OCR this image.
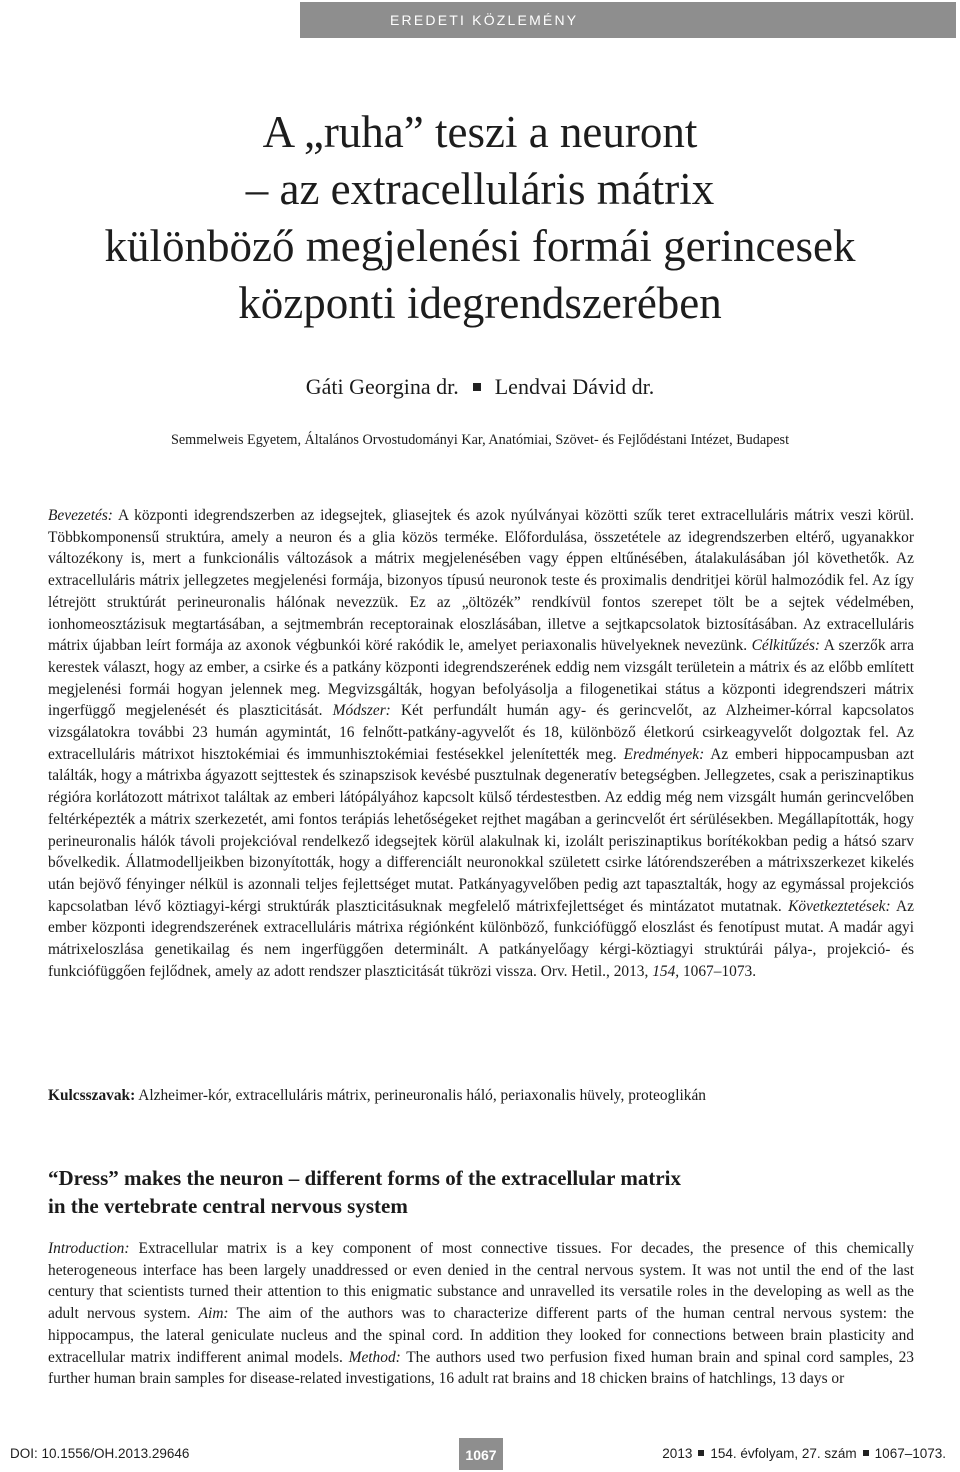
EREDETI KÖZLEMÉNY
A „ruha” teszi a neuront
– az extracelluláris mátrix
különböző megjelenési formái gerincesek
központi idegrendszerében
Gáti Georgina dr. Lendvai Dávid dr.
Semmelweis Egyetem, Általános Orvostudományi Kar, Anatómiai, Szövet- és Fejlődéstani Intézet, Budapest

Bevezetés: A központi idegrendszerben az idegsejtek, gliasejtek és azok nyúlványai közötti szűk teret extracelluláris mátrix veszi körül. Többkomponensű struktúra, amely a neuron és a glia közös terméke. Előfordulása, összetétele az idegrendszerben eltérő, ugyanakkor változékony is, mert a funkcionális változások a mátrix megjelenésében vagy éppen eltűnésében, átalakulásában jól követhetők. Az extracelluláris mátrix jellegzetes megjelenési formája, bizonyos típusú neuronok teste és proximalis dendritjei körül halmozódik fel. Az így létrejött struktúrát perineuronalis hálónak nevezzük. Ez az „öltözék” rendkívül fontos szerepet tölt be a sejtek védelmében, ionhomeosztázisuk megtartásában, a sejtmembrán receptorainak eloszlásában, illetve a sejtkapcsolatok biztosításában. Az extracelluláris mátrix újabban leírt formája az axonok végbunkói köré rakódik le, amelyet periaxonalis hüvelyeknek nevezünk. Célkitűzés: A szerzők arra kerestek választ, hogy az ember, a csirke és a patkány központi idegrendszerének eddig nem vizsgált területein a mátrix és az előbb említett megjelenési formái hogyan jelennek meg. Megvizsgálták, hogyan befolyásolja a filogenetikai státus a központi idegrendszeri mátrix ingerfüggő megjelenését és plaszticitását. Módszer: Két perfundált humán agy- és gerincvelőt, az Alzheimer-kórral kapcsolatos vizsgálatokra további 23 humán agymintát, 16 felnőtt-patkány-agyvelőt és 18, különböző életkorú csirkeagyvelőt dolgoztak fel. Az extracelluláris mátrixot hisztokémiai és immunhisztokémiai festésekkel jelenítették meg. Eredmények: Az emberi hippocampusban azt találták, hogy a mátrixba ágyazott sejttestek és szinapszisok kevésbé pusztulnak degeneratív betegségben. Jellegzetes, csak a periszinaptikus régióra korlátozott mátrixot találtak az emberi látópályához kapcsolt külső térdestestben. Az eddig még nem vizsgált humán gerincvelőben feltérképezték a mátrix szerkezetét, ami fontos terápiás lehetőségeket rejthet magában a gerincvelőt ért sérülésekben. Megállapították, hogy perineuronalis hálók távoli projekcióval rendelkező idegsejtek körül alakulnak ki, izolált periszinaptikus borítékokban pedig a hátsó szarv bővelkedik. Állatmodelljeikben bizonyították, hogy a differenciált neuronokkal született csirke látórendszerében a mátrixszerkezet kikelés után bejövő fényinger nélkül is azonnali teljes fejlettséget mutat. Patkányagyvelőben pedig azt tapasztalták, hogy az egymással projekciós kapcsolatban lévő köztiagyi-kérgi struktúrák plaszticitásuknak megfelelő mátrixfejlettséget és mintázatot mutatnak. Következtetések: Az ember központi idegrendszerének extracelluláris mátrixa régiónként különböző, funkciófüggő eloszlást és fenotípust mutat. A madár agyi mátrixeloszlása genetikailag és nem ingerfüggően determinált. A patkányelőagy kérgi-köztiagyi struktúrái pálya-, projekció- és funkciófüggően fejlődnek, amely az adott rendszer plaszticitását tükrözi vissza. Orv. Hetil., 2013, 154, 1067–1073.

Kulcsszavak: Alzheimer-kór, extracelluláris mátrix, perineuronalis háló, periaxonalis hüvely, proteoglikán
“Dress” makes the neuron – different forms of the extracellular matrix
in the vertebrate central nervous system

Introduction: Extracellular matrix is a key component of most connective tissues. For decades, the presence of this chemically heterogeneous interface has been largely unaddressed or even denied in the central nervous system. It was not until the end of the last century that scientists turned their attention to this enigmatic substance and unravelled its versatile roles in the developing as well as the adult nervous system. Aim: The aim of the authors was to characterize different parts of the human central nervous system: the hippocampus, the lateral geniculate nucleus and the spinal cord. In addition they looked for connections between brain plasticity and extracellular matrix indifferent animal models. Method: The authors used two perfusion fixed human brain and spinal cord samples, 23 further human brain samples for disease-related investigations, 16 adult rat brains and 18 chicken brains of hatchlings, 13 days or

DOI: 10.1556/OH.2013.29646	1067	2013 154. évfolyam, 27. szám 1067–1073.
